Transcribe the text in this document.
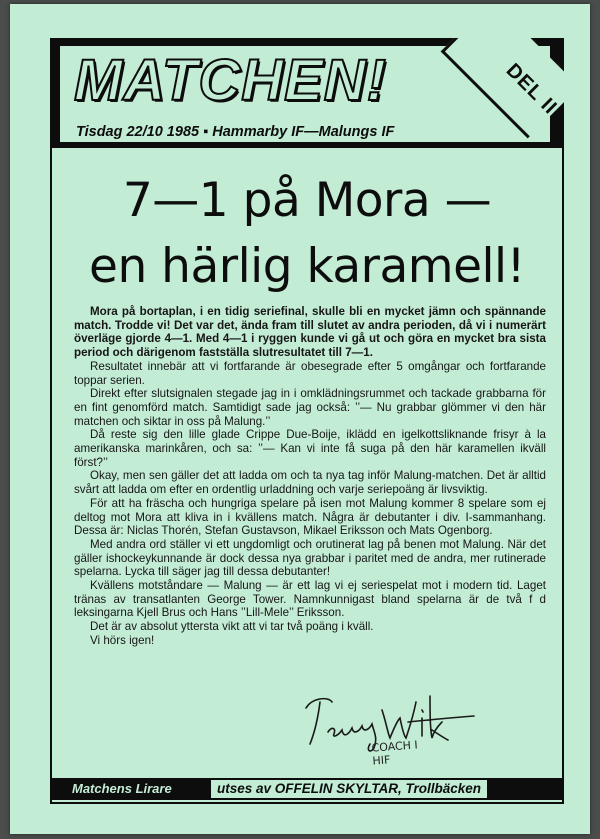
MATCHEN!
Tisdag 22/10 1985 ▪ Hammarby IF—Malungs IF
DEL II
7—1 på Mora —
en härlig karamell!

Mora på bortaplan, i en tidig seriefinal, skulle bli en mycket jämn och spännande match. Trodde vi! Det var det, ända fram till slutet av andra perioden, då vi i numerärt överläge gjorde 4—1. Med 4—1 i ryggen kunde vi gå ut och göra en mycket bra sista period och därigenom fastställa slutresultatet till 7—1.

Resultatet innebär att vi fortfarande är obesegrade efter 5 omgångar och fortfarande toppar serien.

Direkt efter slutsignalen stegade jag in i omklädningsrummet och tackade grabbarna för en fint genomförd match. Samtidigt sade jag också: ’’— Nu grabbar glömmer vi den här matchen och siktar in oss på Malung.’’

Då reste sig den lille glade Crippe Due-Boije, iklädd en igelkottsliknande frisyr à la amerikanska marinkåren, och sa: ’’— Kan vi inte få suga på den här karamellen ikväll först?’’

Okay, men sen gäller det att ladda om och ta nya tag inför Malung-matchen. Det är alltid svårt att ladda om efter en ordentlig urladdning och varje seriepoäng är livsviktig.

För att ha fräscha och hungriga spelare på isen mot Malung kommer 8 spelare som ej deltog mot Mora att kliva in i kvällens match. Några är debutanter i div. I-sammanhang. Dessa är: Niclas Thorén, Stefan Gustavson, Mikael Eriksson och Mats Ogenborg.

Med andra ord ställer vi ett ungdomligt och orutinerat lag på benen mot Malung. När det gäller ishockeykunnande är dock dessa nya grabbar i paritet med de andra, mer rutinerade spelarna. Lycka till säger jag till dessa debutanter!

Kvällens motståndare — Malung — är ett lag vi ej seriespelat mot i modern tid. Laget tränas av transatlanten George Tower. Namnkunnigast bland spelarna är de två f d leksingarna Kjell Brus och Hans ’’Lill-Mele’’ Eriksson.

Det är av absolut yttersta vikt att vi tar två poäng i kväll.

Vi hörs igen!

COACH I
HIF
Matchens Lirare	utses av OFFELIN SKYLTAR, Trollbäcken
